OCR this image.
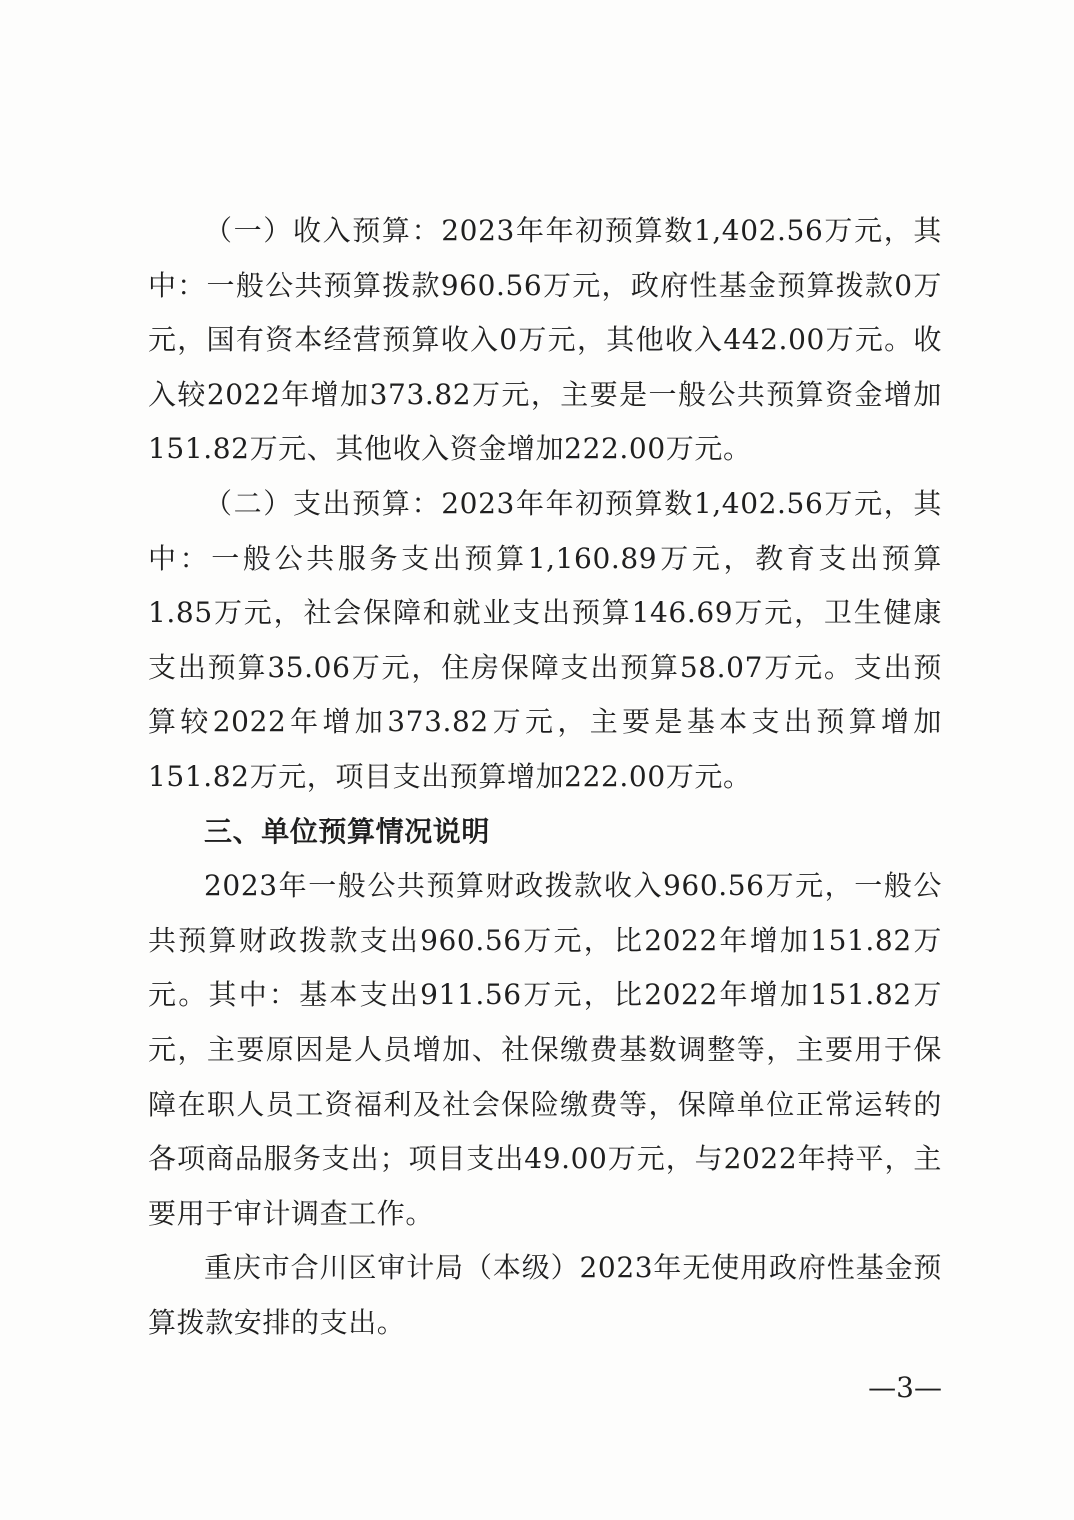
（一）收入预算：2023年年初预算数1,402.56万元，其中：一般公共预算拨款960.56万元，政府性基金预算拨款0万元，国有资本经营预算收入0万元，其他收入442.00万元。收入较2022年增加373.82万元，主要是一般公共预算资金增加151.82万元、其他收入资金增加222.00万元。

（二）支出预算：2023年年初预算数1,402.56万元，其中：一般公共服务支出预算1,160.89万元，教育支出预算1.85万元，社会保障和就业支出预算146.69万元，卫生健康支出预算35.06万元，住房保障支出预算58.07万元。支出预算较2022年增加373.82万元，主要是基本支出预算增加151.82万元，项目支出预算增加222.00万元。

三、单位预算情况说明

2023年一般公共预算财政拨款收入960.56万元，一般公共预算财政拨款支出960.56万元，比2022年增加151.82万元。其中：基本支出911.56万元，比2022年增加151.82万元，主要原因是人员增加、社保缴费基数调整等，主要用于保障在职人员工资福利及社会保险缴费等，保障单位正常运转的各项商品服务支出；项目支出49.00万元，与2022年持平，主要用于审计调查工作。

重庆市合川区审计局（本级）2023年无使用政府性基金预算拨款安排的支出。

—3—
